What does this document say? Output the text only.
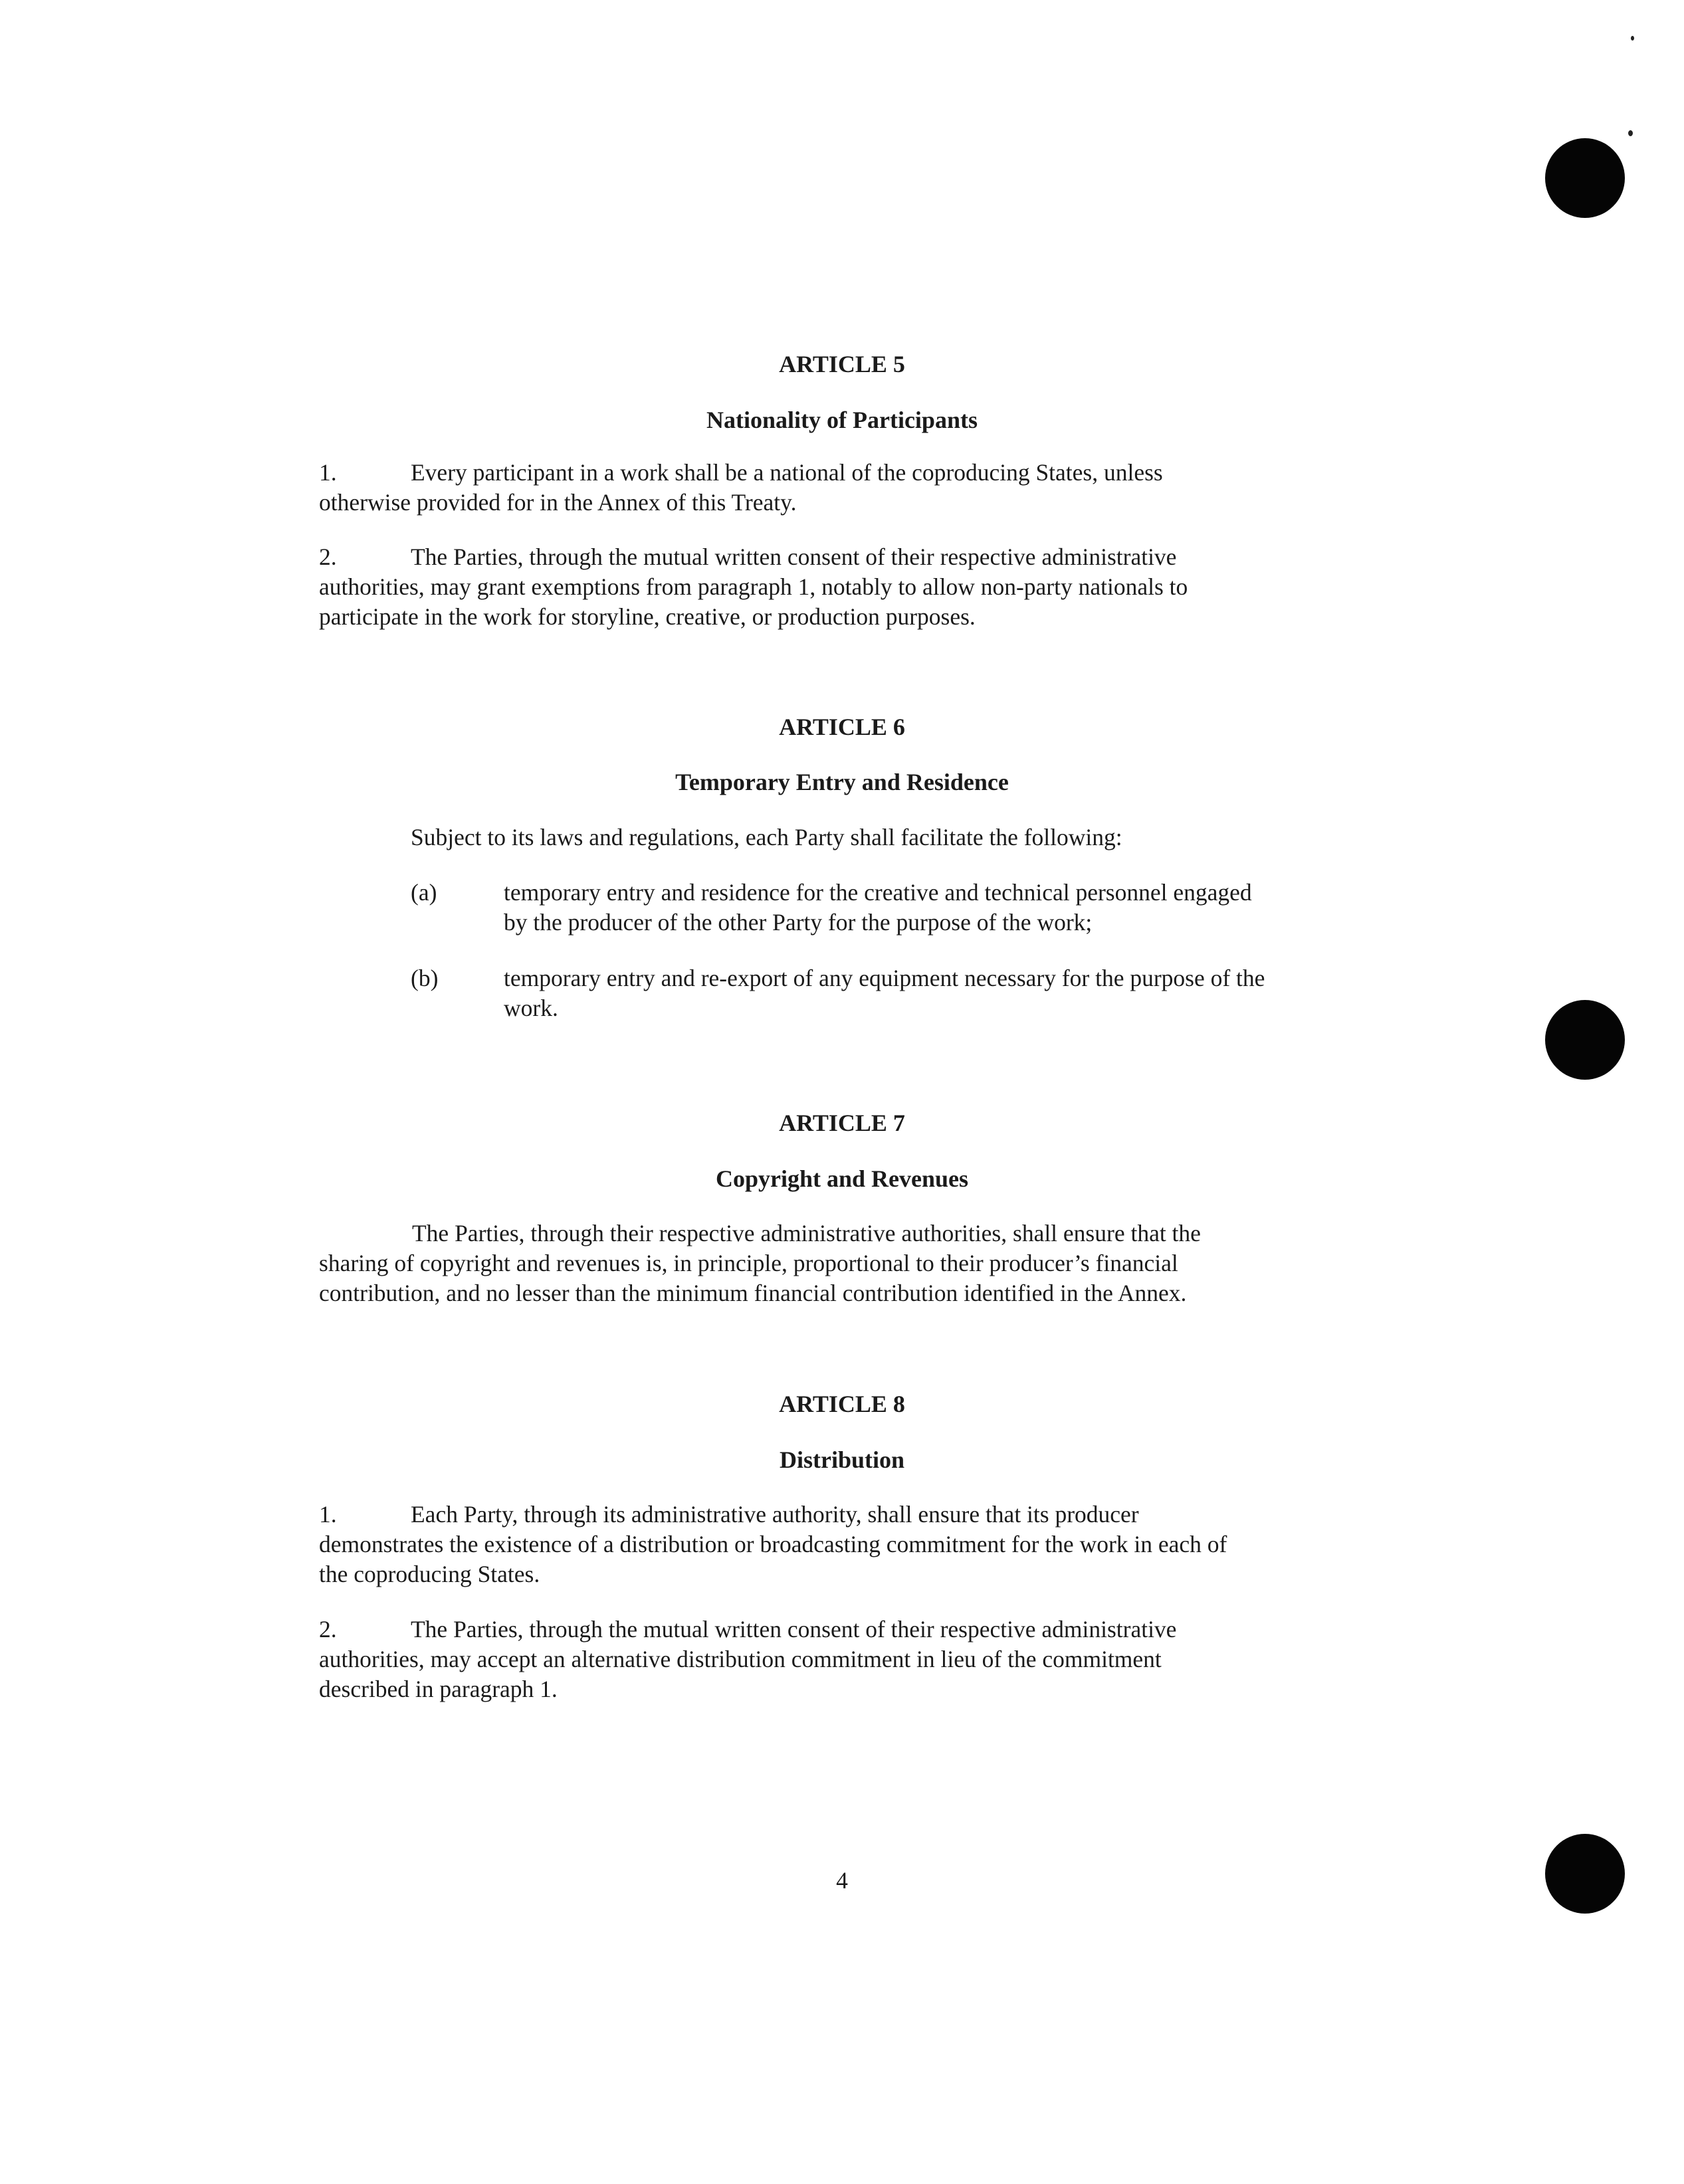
ARTICLE 5
Nationality of Participants
1.	Every participant in a work shall be a national of the coproducing States, unless
otherwise provided for in the Annex of this Treaty.
2.	The Parties, through the mutual written consent of their respective administrative
authorities, may grant exemptions from paragraph 1, notably to allow non-party nationals to
participate in the work for storyline, creative, or production purposes.
ARTICLE 6
Temporary Entry and Residence
Subject to its laws and regulations, each Party shall facilitate the following:
(a)	temporary entry and residence for the creative and technical personnel engaged
by the producer of the other Party for the purpose of the work;
(b)	temporary entry and re-export of any equipment necessary for the purpose of the
work.
ARTICLE 7
Copyright and Revenues
The Parties, through their respective administrative authorities, shall ensure that the
sharing of copyright and revenues is, in principle, proportional to their producer’s financial
contribution, and no lesser than the minimum financial contribution identified in the Annex.
ARTICLE 8
Distribution
1.	Each Party, through its administrative authority, shall ensure that its producer
demonstrates the existence of a distribution or broadcasting commitment for the work in each of
the coproducing States.
2.	The Parties, through the mutual written consent of their respective administrative
authorities, may accept an alternative distribution commitment in lieu of the commitment
described in paragraph 1.
4
